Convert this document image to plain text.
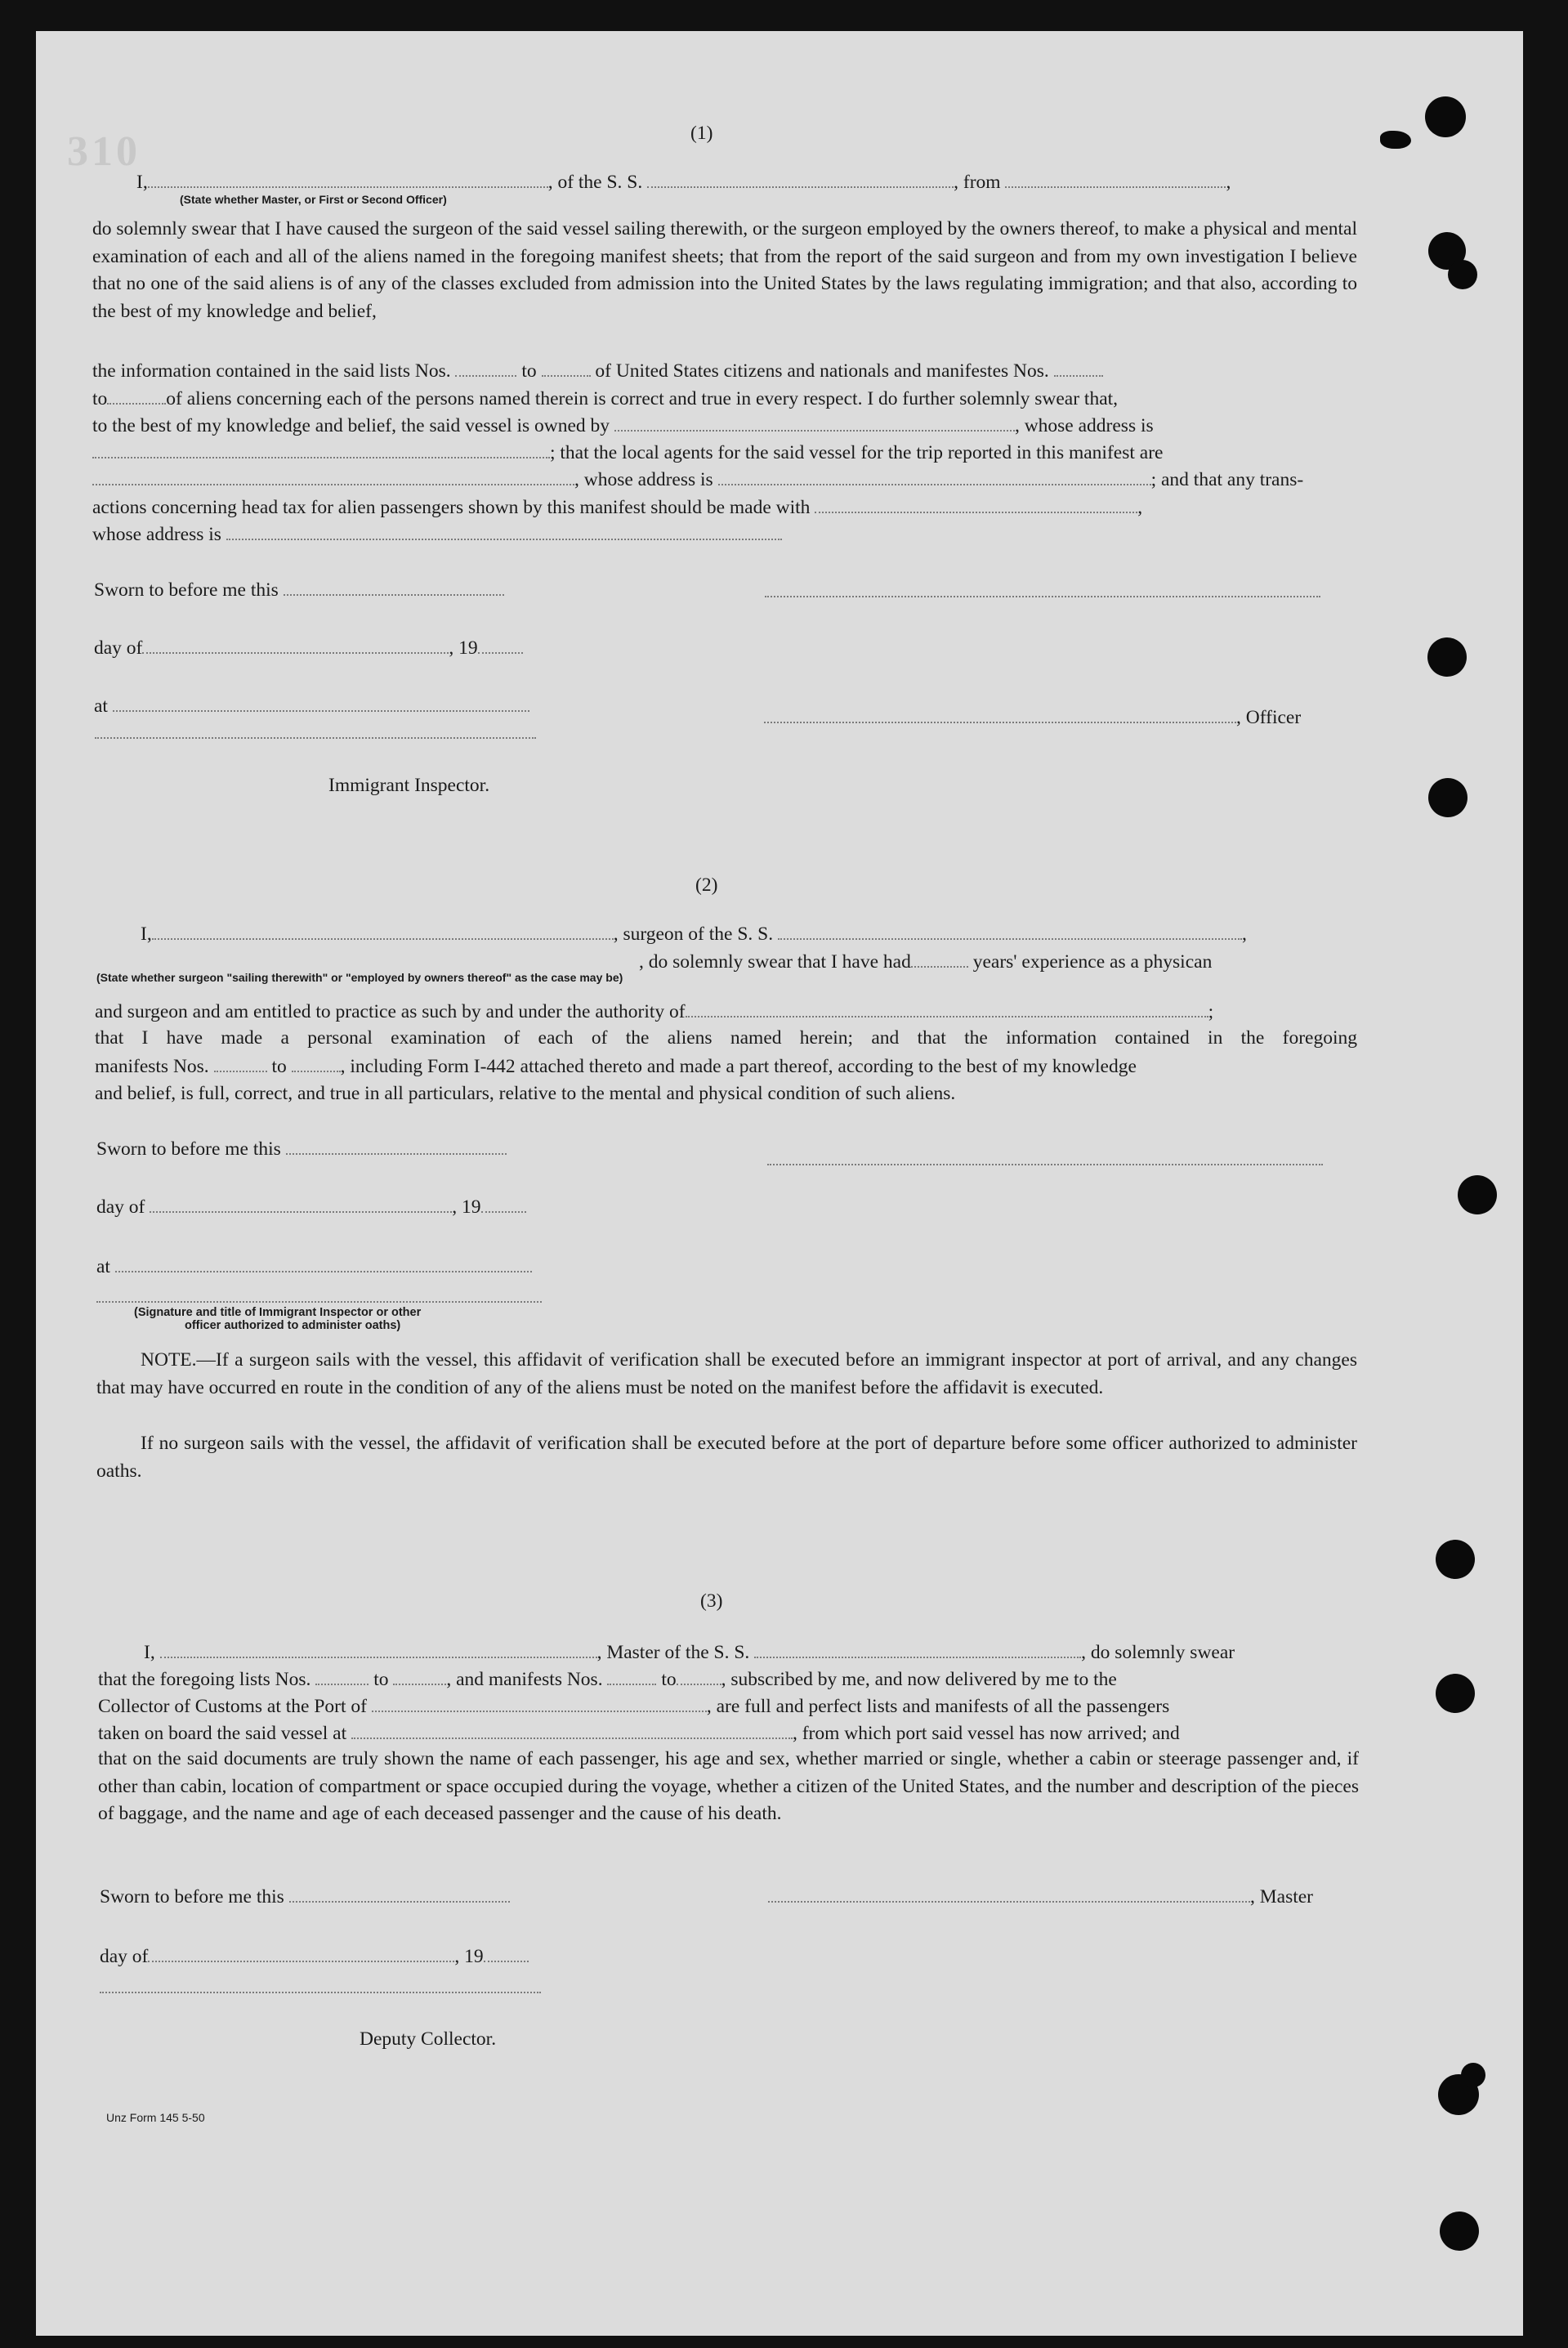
310	(1)
I,	, of the S. S.	, from	,
(State whether Master, or First or Second Officer)
do solemnly swear that I have caused the surgeon of the said vessel sailing therewith, or the surgeon employed by the owners thereof, to make a physical and mental examination of each and all of the aliens named in the foregoing manifest sheets; that from the report of the said surgeon and from my own investigation I believe that no one of the said aliens is of any of the classes excluded from admission into the United States by the laws regulating immigration; and that also, according to the best of my knowledge and belief,
the information contained in the said lists Nos.	to	of United States citizens and nationals and manifestes Nos.
to	of aliens concerning each of the persons named therein is correct and true in every respect. I do further solemnly swear that,
to the best of my knowledge and belief, the said vessel is owned by	, whose address is
; that the local agents for the said vessel for the trip reported in this manifest are
, whose address is	; and that any trans-
actions concerning head tax for alien passengers shown by this manifest should be made with	,
whose address is
Sworn to before me this
day of	, 19
at
, Officer
Immigrant Inspector.
(2)
I,	, surgeon of the S. S.	,
, do solemnly swear that I have had	years' experience as a physican
(State whether surgeon "sailing therewith" or "employed by owners thereof" as the case may be)
and surgeon and am entitled to practice as such by and under the authority of	;
that I have made a personal examination of each of the aliens named herein; and that the information contained in the foregoing
manifests Nos.	to	, including Form I-442 attached thereto and made a part thereof, according to the best of my knowledge
and belief, is full, correct, and true in all particulars, relative to the mental and physical condition of such aliens.
Sworn to before me this
day of	, 19
at
(Signature and title of Immigrant Inspector or other
officer authorized to administer oaths)
NOTE.—If a surgeon sails with the vessel, this affidavit of verification shall be executed before an immigrant inspector at port of arrival, and any changes that may have occurred en route in the condition of any of the aliens must be noted on the manifest before the affidavit is executed.
If no surgeon sails with the vessel, the affidavit of verification shall be executed before at the port of departure before some officer authorized to administer oaths.
(3)
I,	, Master of the S. S.	, do solemnly swear
that the foregoing lists Nos.	to	, and manifests Nos.	to , subscribed by me, and now delivered by me to the
Collector of Customs at the Port of	, are full and perfect lists and manifests of all the passengers
taken on board the said vessel at	, from which port said vessel has now arrived; and
that on the said documents are truly shown the name of each passenger, his age and sex, whether married or single, whether a cabin or steerage passenger and, if other than cabin, location of compartment or space occupied during the voyage, whether a citizen of the United States, and the number and description of the pieces of baggage, and the name and age of each deceased passenger and the cause of his death.
Sworn to before me this	, Master
day of	, 19
Deputy Collector.
Unz Form 145 5-50
